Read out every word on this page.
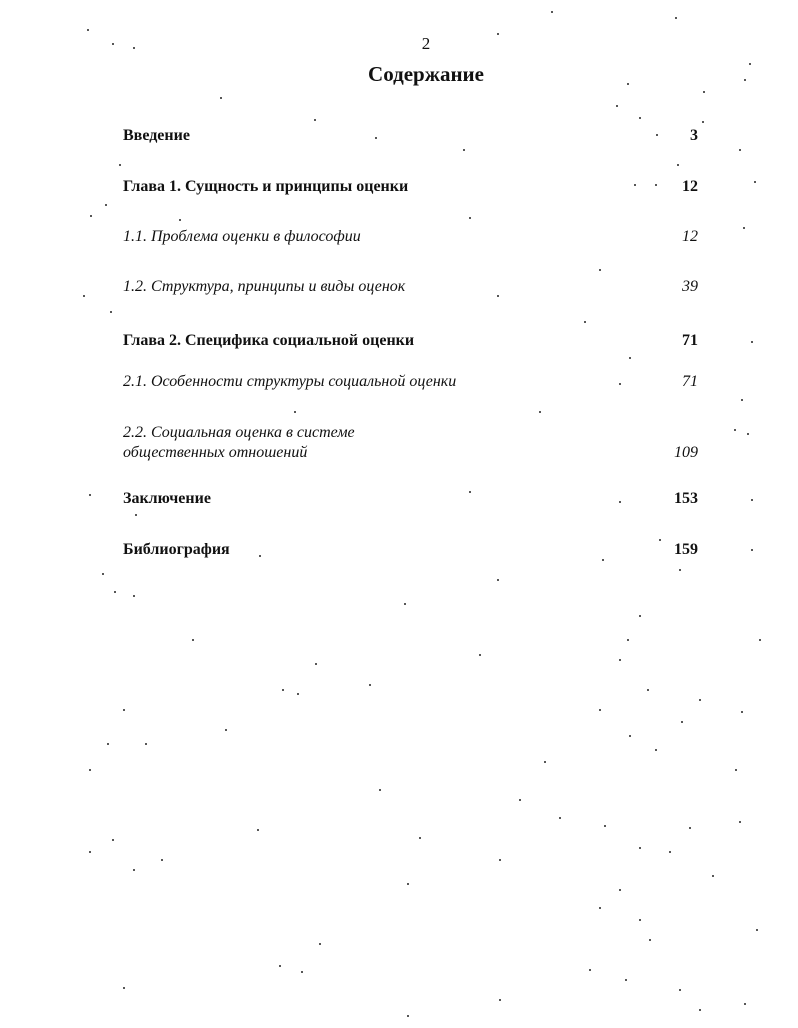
2
Содержание
Введение	3
Глава 1. Сущность и принципы оценки	12
1.1. Проблема оценки в философии	12
1.2. Структура, принципы и виды оценок	39
Глава 2. Специфика социальной оценки	71
2.1. Особенности структуры социальной оценки	71
2.2. Социальная оценка в системе общественных отношений	109
Заключение	153
Библиография	159
